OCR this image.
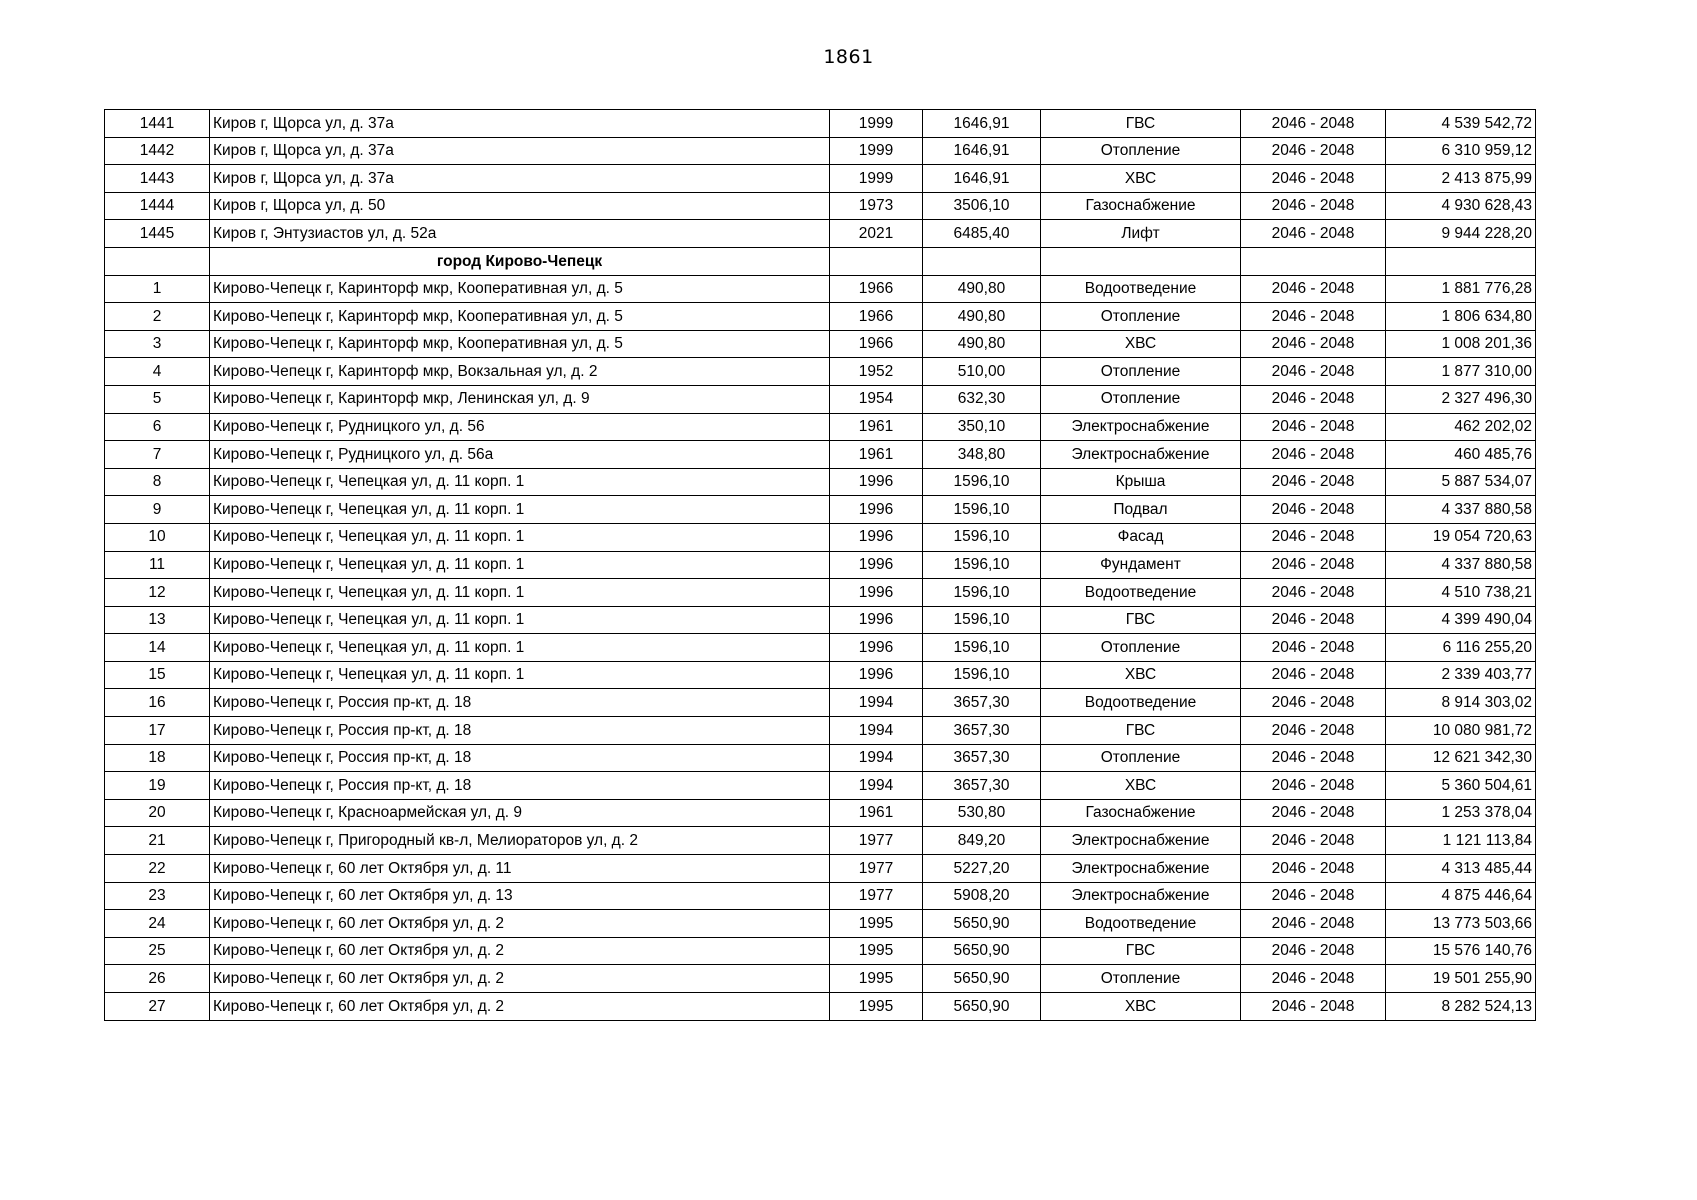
1861
1441	Киров г, Щорса ул, д. 37а	1999	1646,91	ГВС	2046 - 2048	4 539 542,72
1442	Киров г, Щорса ул, д. 37а	1999	1646,91	Отопление	2046 - 2048	6 310 959,12
1443	Киров г, Щорса ул, д. 37а	1999	1646,91	ХВС	2046 - 2048	2 413 875,99
1444	Киров г, Щорса ул, д. 50	1973	3506,10	Газоснабжение	2046 - 2048	4 930 628,43
1445	Киров г, Энтузиастов ул, д. 52а	2021	6485,40	Лифт	2046 - 2048	9 944 228,20
	город Кирово-Чепецк					
1	Кирово-Чепецк г, Каринторф мкр, Кооперативная ул, д. 5	1966	490,80	Водоотведение	2046 - 2048	1 881 776,28
2	Кирово-Чепецк г, Каринторф мкр, Кооперативная ул, д. 5	1966	490,80	Отопление	2046 - 2048	1 806 634,80
3	Кирово-Чепецк г, Каринторф мкр, Кооперативная ул, д. 5	1966	490,80	ХВС	2046 - 2048	1 008 201,36
4	Кирово-Чепецк г, Каринторф мкр, Вокзальная ул, д. 2	1952	510,00	Отопление	2046 - 2048	1 877 310,00
5	Кирово-Чепецк г, Каринторф мкр, Ленинская ул, д. 9	1954	632,30	Отопление	2046 - 2048	2 327 496,30
6	Кирово-Чепецк г, Рудницкого ул, д. 56	1961	350,10	Электроснабжение	2046 - 2048	462 202,02
7	Кирово-Чепецк г, Рудницкого ул, д. 56а	1961	348,80	Электроснабжение	2046 - 2048	460 485,76
8	Кирово-Чепецк г, Чепецкая ул, д. 11 корп. 1	1996	1596,10	Крыша	2046 - 2048	5 887 534,07
9	Кирово-Чепецк г, Чепецкая ул, д. 11 корп. 1	1996	1596,10	Подвал	2046 - 2048	4 337 880,58
10	Кирово-Чепецк г, Чепецкая ул, д. 11 корп. 1	1996	1596,10	Фасад	2046 - 2048	19 054 720,63
11	Кирово-Чепецк г, Чепецкая ул, д. 11 корп. 1	1996	1596,10	Фундамент	2046 - 2048	4 337 880,58
12	Кирово-Чепецк г, Чепецкая ул, д. 11 корп. 1	1996	1596,10	Водоотведение	2046 - 2048	4 510 738,21
13	Кирово-Чепецк г, Чепецкая ул, д. 11 корп. 1	1996	1596,10	ГВС	2046 - 2048	4 399 490,04
14	Кирово-Чепецк г, Чепецкая ул, д. 11 корп. 1	1996	1596,10	Отопление	2046 - 2048	6 116 255,20
15	Кирово-Чепецк г, Чепецкая ул, д. 11 корп. 1	1996	1596,10	ХВС	2046 - 2048	2 339 403,77
16	Кирово-Чепецк г, Россия пр-кт, д. 18	1994	3657,30	Водоотведение	2046 - 2048	8 914 303,02
17	Кирово-Чепецк г, Россия пр-кт, д. 18	1994	3657,30	ГВС	2046 - 2048	10 080 981,72
18	Кирово-Чепецк г, Россия пр-кт, д. 18	1994	3657,30	Отопление	2046 - 2048	12 621 342,30
19	Кирово-Чепецк г, Россия пр-кт, д. 18	1994	3657,30	ХВС	2046 - 2048	5 360 504,61
20	Кирово-Чепецк г, Красноармейская ул, д. 9	1961	530,80	Газоснабжение	2046 - 2048	1 253 378,04
21	Кирово-Чепецк г, Пригородный кв-л, Мелиораторов ул, д. 2	1977	849,20	Электроснабжение	2046 - 2048	1 121 113,84
22	Кирово-Чепецк г, 60 лет Октября ул, д. 11	1977	5227,20	Электроснабжение	2046 - 2048	4 313 485,44
23	Кирово-Чепецк г, 60 лет Октября ул, д. 13	1977	5908,20	Электроснабжение	2046 - 2048	4 875 446,64
24	Кирово-Чепецк г, 60 лет Октября ул, д. 2	1995	5650,90	Водоотведение	2046 - 2048	13 773 503,66
25	Кирово-Чепецк г, 60 лет Октября ул, д. 2	1995	5650,90	ГВС	2046 - 2048	15 576 140,76
26	Кирово-Чепецк г, 60 лет Октября ул, д. 2	1995	5650,90	Отопление	2046 - 2048	19 501 255,90
27	Кирово-Чепецк г, 60 лет Октября ул, д. 2	1995	5650,90	ХВС	2046 - 2048	8 282 524,13
